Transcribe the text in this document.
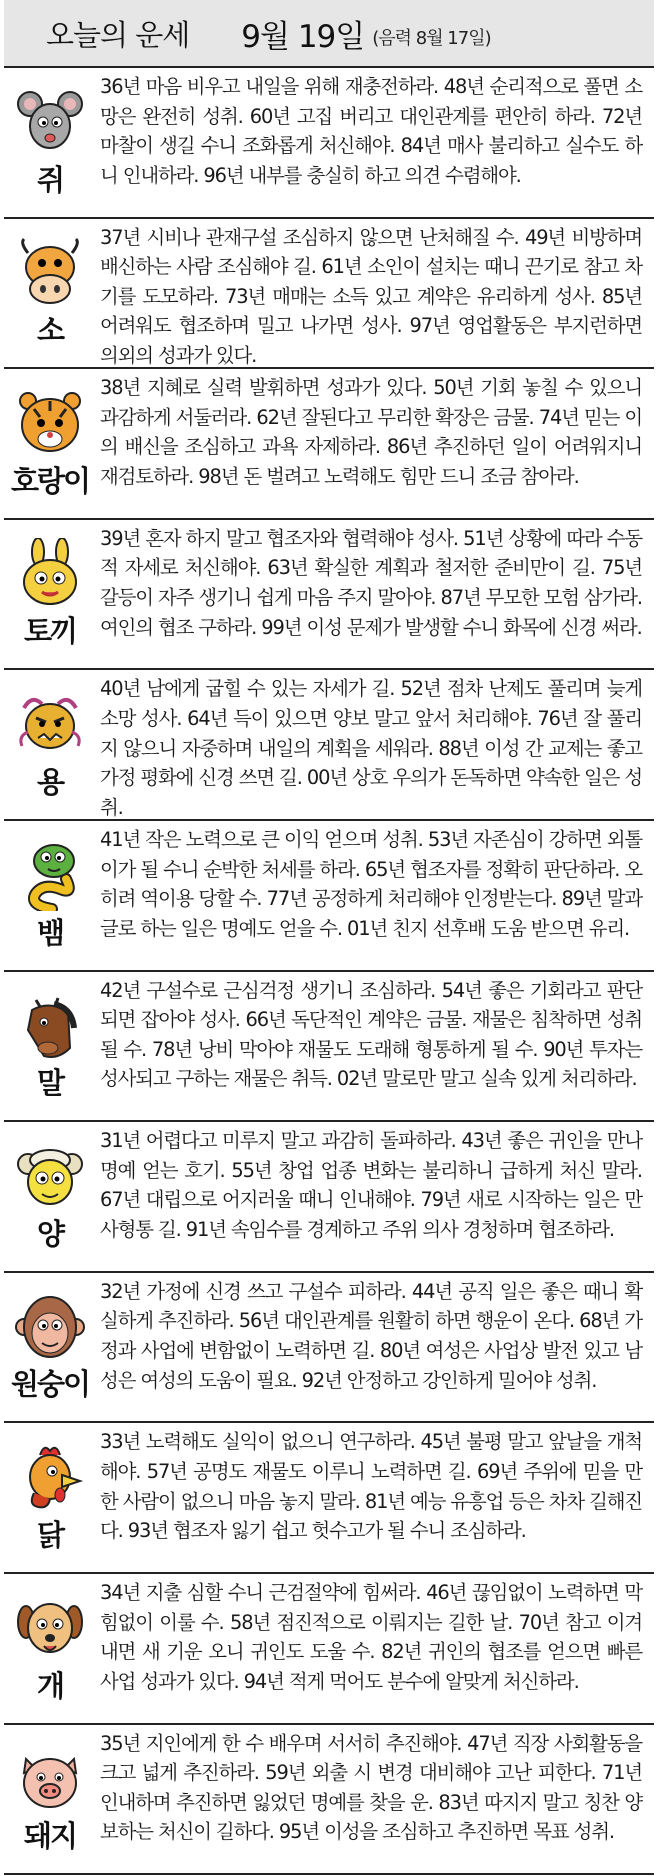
오늘의 운세 9월 19일 (음력 8월 17일)
쥐
36년 마음 비우고 내일을 위해 재충전하라. 48년 순리적으로 풀면 소망은 완전히 성취. 60년 고집 버리고 대인관계를 편안히 하라. 72년 마찰이 생길 수니 조화롭게 처신해야. 84년 매사 불리하고 실수도 하니 인내하라. 96년 내부를 충실히 하고 의견 수렴해야.
소
37년 시비나 관재구설 조심하지 않으면 난처해질 수. 49년 비방하며 배신하는 사람 조심해야 길. 61년 소인이 설치는 때니 끈기로 참고 차기를 도모하라. 73년 매매는 소득 있고 계약은 유리하게 성사. 85년 어려워도 협조하며 밀고 나가면 성사. 97년 영업활동은 부지런하면 의외의 성과가 있다.
호랑이
38년 지혜로 실력 발휘하면 성과가 있다. 50년 기회 놓칠 수 있으니 과감하게 서둘러라. 62년 잘된다고 무리한 확장은 금물. 74년 믿는 이의 배신을 조심하고 과욕 자제하라. 86년 추진하던 일이 어려워지니 재검토하라. 98년 돈 벌려고 노력해도 힘만 드니 조금 참아라.
토끼
39년 혼자 하지 말고 협조자와 협력해야 성사. 51년 상황에 따라 수동적 자세로 처신해야. 63년 확실한 계획과 철저한 준비만이 길. 75년 갈등이 자주 생기니 쉽게 마음 주지 말아야. 87년 무모한 모험 삼가라. 여인의 협조 구하라. 99년 이성 문제가 발생할 수니 화목에 신경 써라.
용
40년 남에게 굽힐 수 있는 자세가 길. 52년 점차 난제도 풀리며 늦게 소망 성사. 64년 득이 있으면 양보 말고 앞서 처리해야. 76년 잘 풀리지 않으니 자중하며 내일의 계획을 세워라. 88년 이성 간 교제는 좋고 가정 평화에 신경 쓰면 길. 00년 상호 우의가 돈독하면 약속한 일은 성취.
뱀
41년 작은 노력으로 큰 이익 얻으며 성취. 53년 자존심이 강하면 외톨이가 될 수니 순박한 처세를 하라. 65년 협조자를 정확히 판단하라. 오히려 역이용 당할 수. 77년 공정하게 처리해야 인정받는다. 89년 말과 글로 하는 일은 명예도 얻을 수. 01년 친지 선후배 도움 받으면 유리.
말
42년 구설수로 근심걱정 생기니 조심하라. 54년 좋은 기회라고 판단되면 잡아야 성사. 66년 독단적인 계약은 금물. 재물은 침착하면 성취될 수. 78년 낭비 막아야 재물도 도래해 형통하게 될 수. 90년 투자는 성사되고 구하는 재물은 취득. 02년 말로만 말고 실속 있게 처리하라.
양
31년 어렵다고 미루지 말고 과감히 돌파하라. 43년 좋은 귀인을 만나 명예 얻는 호기. 55년 창업 업종 변화는 불리하니 급하게 처신 말라. 67년 대립으로 어지러울 때니 인내해야. 79년 새로 시작하는 일은 만사형통 길. 91년 속임수를 경계하고 주위 의사 경청하며 협조하라.
원숭이
32년 가정에 신경 쓰고 구설수 피하라. 44년 공직 일은 좋은 때니 확실하게 추진하라. 56년 대인관계를 원활히 하면 행운이 온다. 68년 가정과 사업에 변함없이 노력하면 길. 80년 여성은 사업상 발전 있고 남성은 여성의 도움이 필요. 92년 안정하고 강인하게 밀어야 성취.
닭
33년 노력해도 실익이 없으니 연구하라. 45년 불평 말고 앞날을 개척해야. 57년 공명도 재물도 이루니 노력하면 길. 69년 주위에 믿을 만한 사람이 없으니 마음 놓지 말라. 81년 예능 유흥업 등은 차차 길해진다. 93년 협조자 잃기 쉽고 헛수고가 될 수니 조심하라.
개
34년 지출 심할 수니 근검절약에 힘써라. 46년 끊임없이 노력하면 막힘없이 이룰 수. 58년 점진적으로 이뤄지는 길한 날. 70년 참고 이겨내면 새 기운 오니 귀인도 도울 수. 82년 귀인의 협조를 얻으면 빠른 사업 성과가 있다. 94년 적게 먹어도 분수에 알맞게 처신하라.
돼지
35년 지인에게 한 수 배우며 서서히 추진해야. 47년 직장 사회활동을 크고 넓게 추진하라. 59년 외출 시 변경 대비해야 고난 피한다. 71년 인내하며 추진하면 잃었던 명예를 찾을 운. 83년 따지지 말고 칭찬 양보하는 처신이 길하다. 95년 이성을 조심하고 추진하면 목표 성취.
